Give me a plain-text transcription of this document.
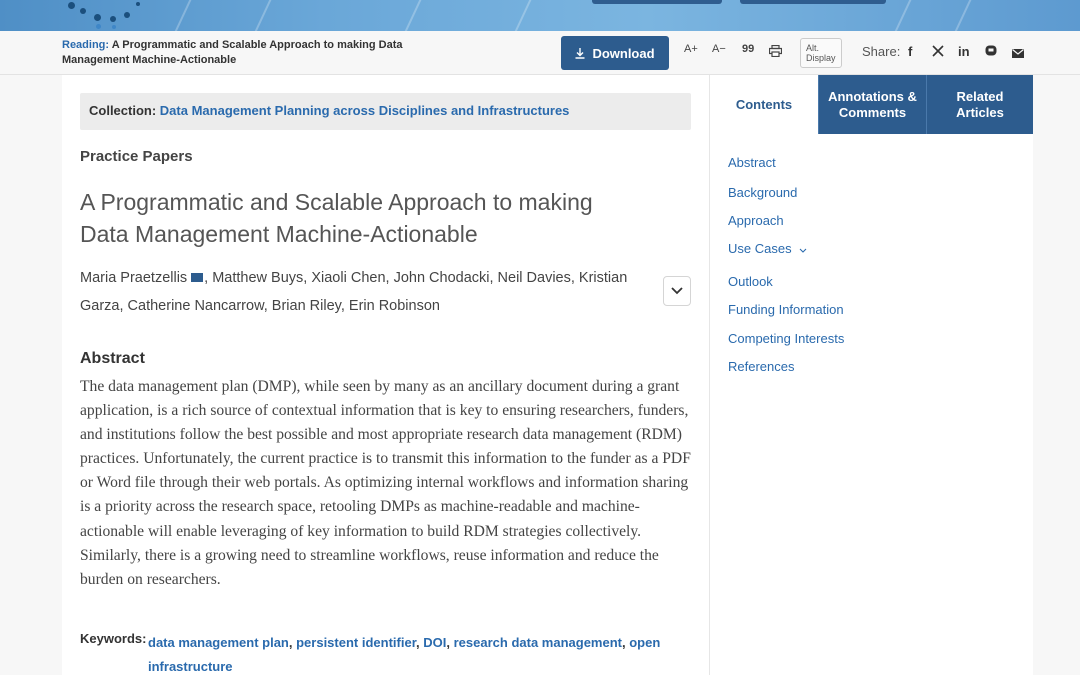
Reading: A Programmatic and Scalable Approach to making Data Management Machine-Actionable	Download	A+ A− 99	Alt.
Display	Share: f	in
Collection: Data Management Planning across Disciplines and Infrastructures
Practice Papers
A Programmatic and Scalable Approach to making Data Management Machine-Actionable
Maria Praetzellis , Matthew Buys, Xiaoli Chen, John Chodacki, Neil Davies, Kristian Garza, Catherine Nancarrow, Brian Riley, Erin Robinson
Abstract

The data management plan (DMP), while seen by many as an ancillary document during a grant application, is a rich source of contextual information that is key to ensuring researchers, funders, and institutions follow the best possible and most appropriate research data management (RDM) practices. Unfortunately, the current practice is to transmit this information to the funder as a PDF or Word file through their web portals. As optimizing internal workflows and information sharing is a priority across the research space, retooling DMPs as machine-readable and machine-actionable will enable leveraging of key information to build RDM strategies collectively. Similarly, there is a growing need to streamline workflows, reuse information and reduce the burden on researchers.

Keywords: data management plan, persistent identifier, DOI, research data management, open infrastructure
Contents
Annotations & Comments
Related Articles
Abstract
Background
Approach
Use Cases
Outlook
Funding Information
Competing Interests
References
